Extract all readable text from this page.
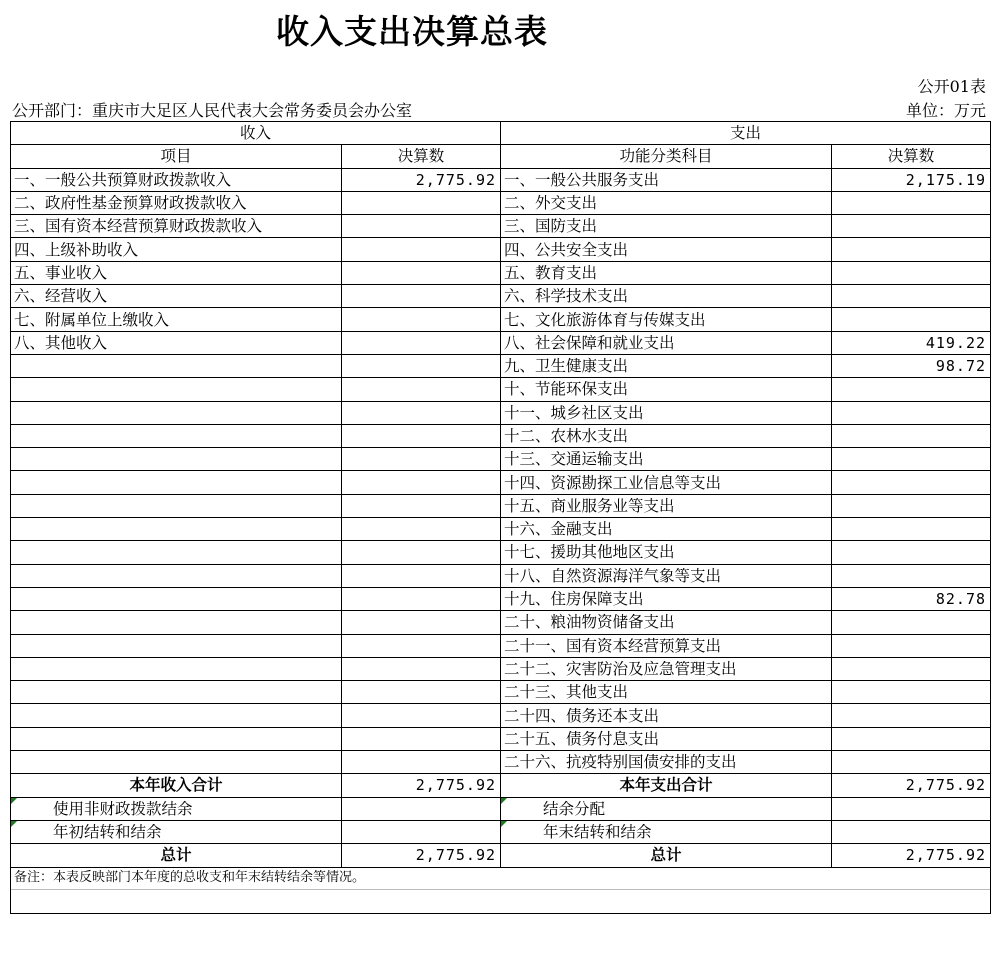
收入支出决算总表
公开01表
公开部门：重庆市大足区人民代表大会常务委员会办公室	单位：万元
收入		支出	
项目	决算数	功能分类科目	决算数
一、一般公共预算财政拨款收入	2,775.92	一、一般公共服务支出	2,175.19
二、政府性基金预算财政拨款收入		二、外交支出	
三、国有资本经营预算财政拨款收入		三、国防支出	
四、上级补助收入		四、公共安全支出	
五、事业收入		五、教育支出	
六、经营收入		六、科学技术支出	
七、附属单位上缴收入		七、文化旅游体育与传媒支出	
八、其他收入		八、社会保障和就业支出	419.22
		九、卫生健康支出	98.72
		十、节能环保支出	
		十一、城乡社区支出	
		十二、农林水支出	
		十三、交通运输支出	
		十四、资源勘探工业信息等支出	
		十五、商业服务业等支出	
		十六、金融支出	
		十七、援助其他地区支出	
		十八、自然资源海洋气象等支出	
		十九、住房保障支出	82.78
		二十、粮油物资储备支出	
		二十一、国有资本经营预算支出	
		二十二、灾害防治及应急管理支出	
		二十三、其他支出	
		二十四、债务还本支出	
		二十五、债务付息支出	
		二十六、抗疫特别国债安排的支出	
本年收入合计	2,775.92	本年支出合计	2,775.92

使用非财政拨款结余		结余分配	

年初结转和结余		年末结转和结余	
总计	2,775.92	总计	2,775.92
备注：本表反映部门本年度的总收支和年末结转结余等情况。			
